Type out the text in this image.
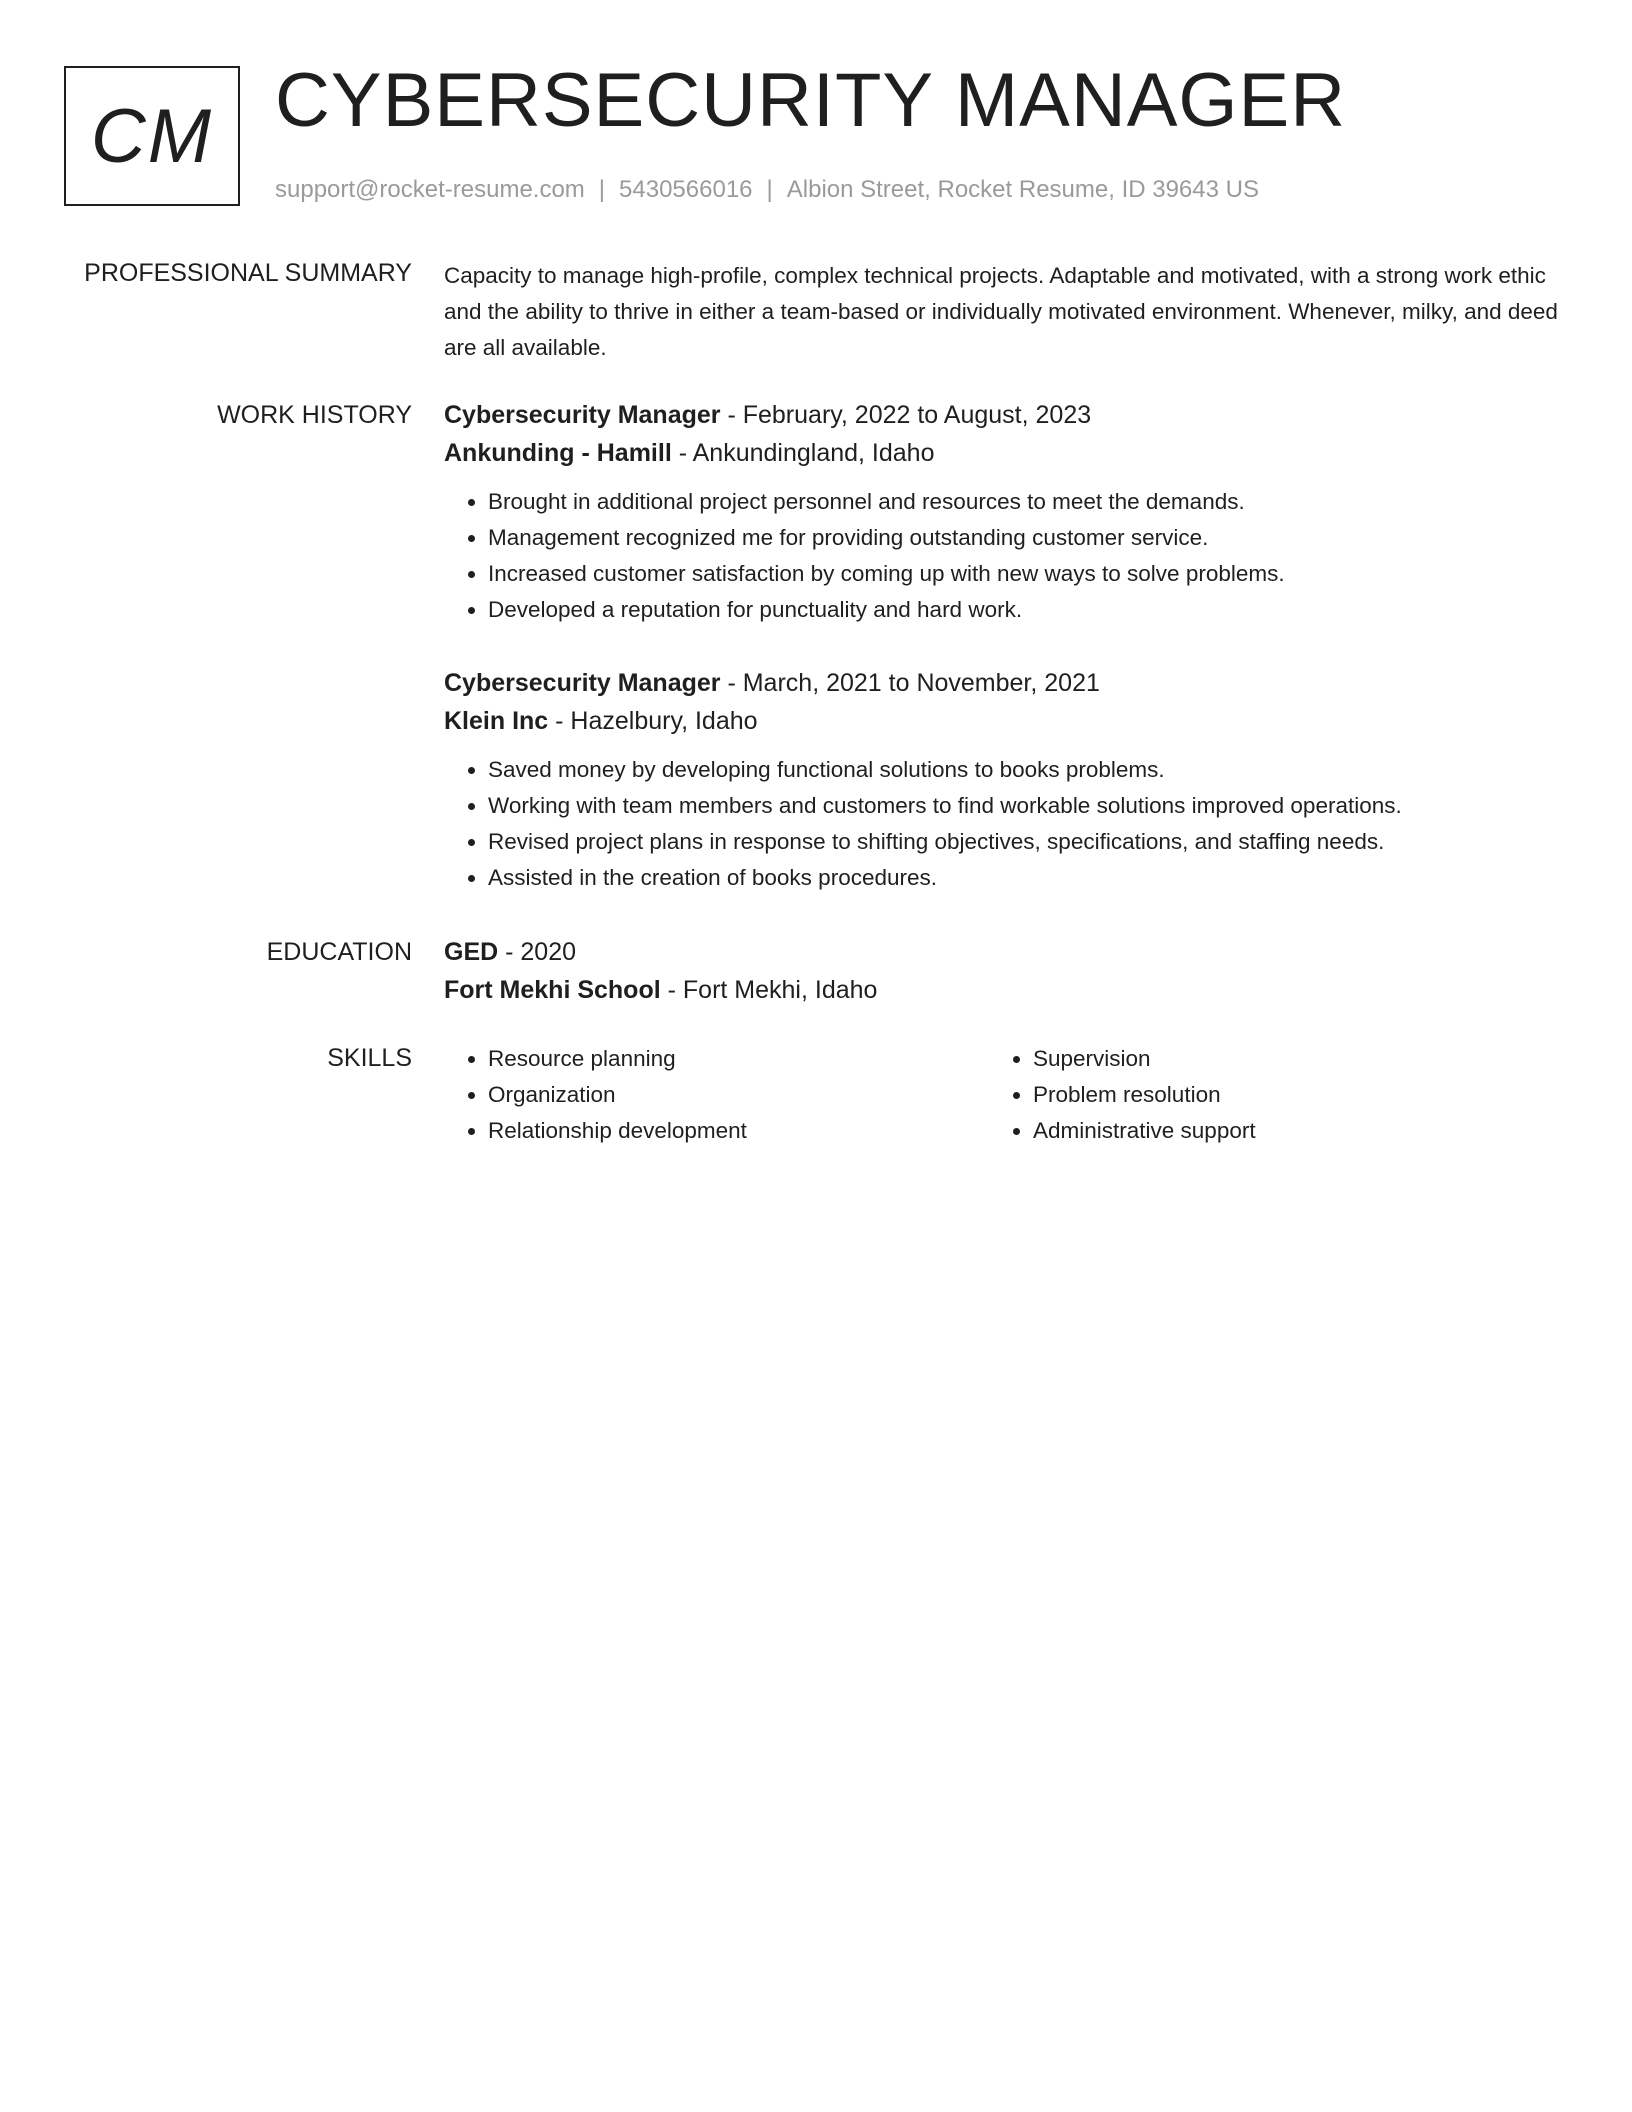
CM CYBERSECURITY MANAGER
support@rocket-resume.com | 5430566016 | Albion Street, Rocket Resume, ID 39643 US
PROFESSIONAL SUMMARY Capacity to manage high-profile, complex technical projects. Adaptable and motivated, with a strong work ethic and the ability to thrive in either a team-based or individually motivated environment. Whenever, milky, and deed are all available.

WORK HISTORY Cybersecurity Manager - February, 2022 to August, 2023

Ankunding - Hamill - Ankundingland, Idaho

• Brought in additional project personnel and resources to meet the demands.
• Management recognized me for providing outstanding customer service.
• Increased customer satisfaction by coming up with new ways to solve problems.
• Developed a reputation for punctuality and hard work.

Cybersecurity Manager - March, 2021 to November, 2021

Klein Inc - Hazelbury, Idaho

• Saved money by developing functional solutions to books problems.
• Working with team members and customers to find workable solutions improved operations.
• Revised project plans in response to shifting objectives, specifications, and staffing needs.
• Assisted in the creation of books procedures.
EDUCATION GED - 2020

Fort Mekhi School - Fort Mekhi, Idaho

SKILLS
•	Resource planning
• Organization
• Relationship development
• Supervision
• Problem resolution
• Administrative support
